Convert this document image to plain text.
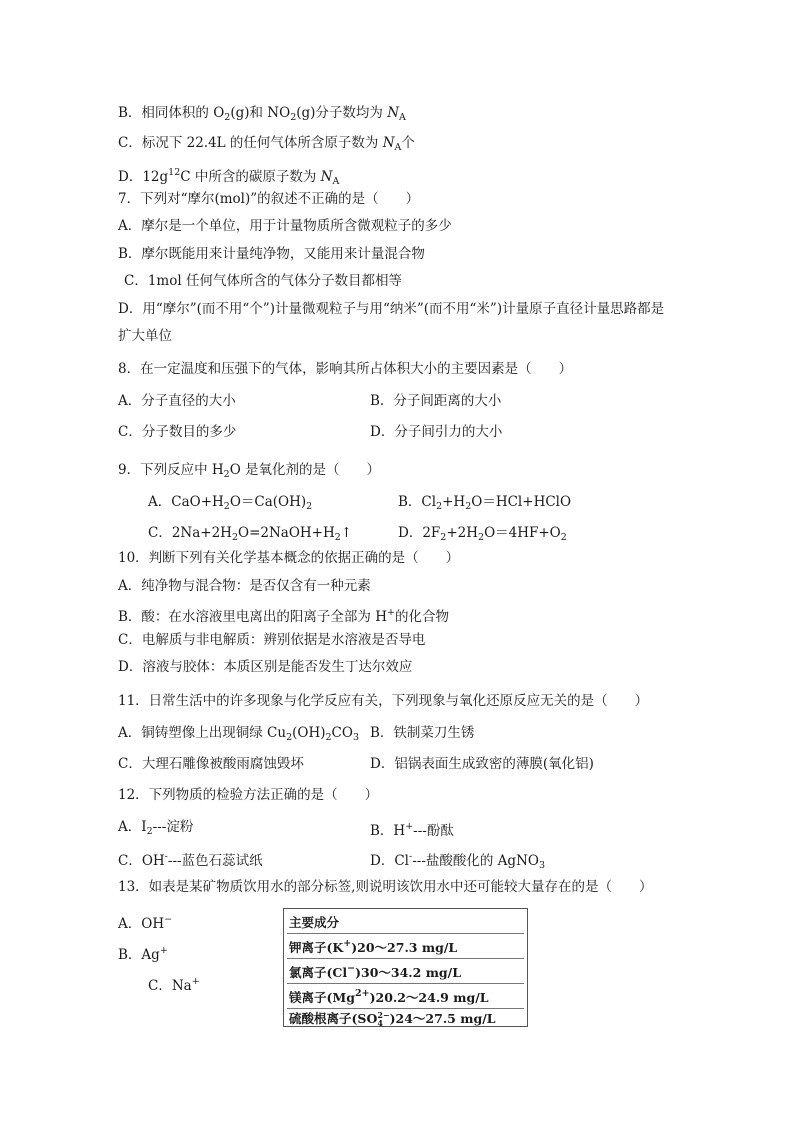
B．相同体积的 $O_2(g)$和 $NO_2(g)$分子数均为 $N_A$
C．标况下 22.4L 的任何气体所含原子数为 $N_A$个
D．$12g^{12}C$ 中所含的碳原子数为 $N_A$
7．下列对“摩尔(mol)”的叙述不正确的是（　　）
A．摩尔是一个单位，用于计量物质所含微观粒子的多少
B．摩尔既能用来计量纯净物，又能用来计量混合物
C．1mol 任何气体所含的气体分子数目都相等
D．用“摩尔”(而不用“个”)计量微观粒子与用“纳米”(而不用“米”)计量原子直径计量思路都是
扩大单位
8．在一定温度和压强下的气体，影响其所占体积大小的主要因素是（　　）
A．分子直径的大小	B．分子间距离的大小
C．分子数目的多少	D．分子间引力的大小
9．下列反应中 $H_2O$ 是氧化剂的是（　　）
A．$CaO+H_2O=Ca(OH)_2$	B．$Cl_2+H_2O=HCl+HClO$
C．$2Na+2H_2O=2NaOH+H_2↑$	D．$2F_2+2H_2O=4HF+O_2$
10．判断下列有关化学基本概念的依据正确的是（　　）
A．纯净物与混合物：是否仅含有一种元素
B．酸：在水溶液里电离出的阳离子全部为 H+的化合物
C．电解质与非电解质：辨别依据是水溶液是否导电
D．溶液与胶体：本质区别是能否发生丁达尔效应
11．日常生活中的许多现象与化学反应有关，下列现象与氧化还原反应无关的是（　　）
A．铜铸塑像上出现铜绿 $Cu_2(OH)_2CO_3$ B．铁制菜刀生锈
C．大理石雕像被酸雨腐蚀毁坏	D．铝锅表面生成致密的薄膜(氧化铝)
12．下列物质的检验方法正确的是（　　）
A．$I_2---$淀粉	B．H+---酚酞
C．OH----蓝色石蕊试纸	D．Cl----盐酸酸化的 AgNO$_3$
13．如表是某矿物质饮用水的部分标签,则说明该饮用水中还可能较大量存在的是（　　）
A．OH−
B．Ag+
C．Na+
主要成分
钾离子(K+)20～27.3 mg/L
氯离子(Cl−)30～34.2 mg/L
镁离子$(Mg^{2+})20.2\sim 24.9$ mg/L
硫酸根离子(SO 2−
4 )24～27.5 mg/L
